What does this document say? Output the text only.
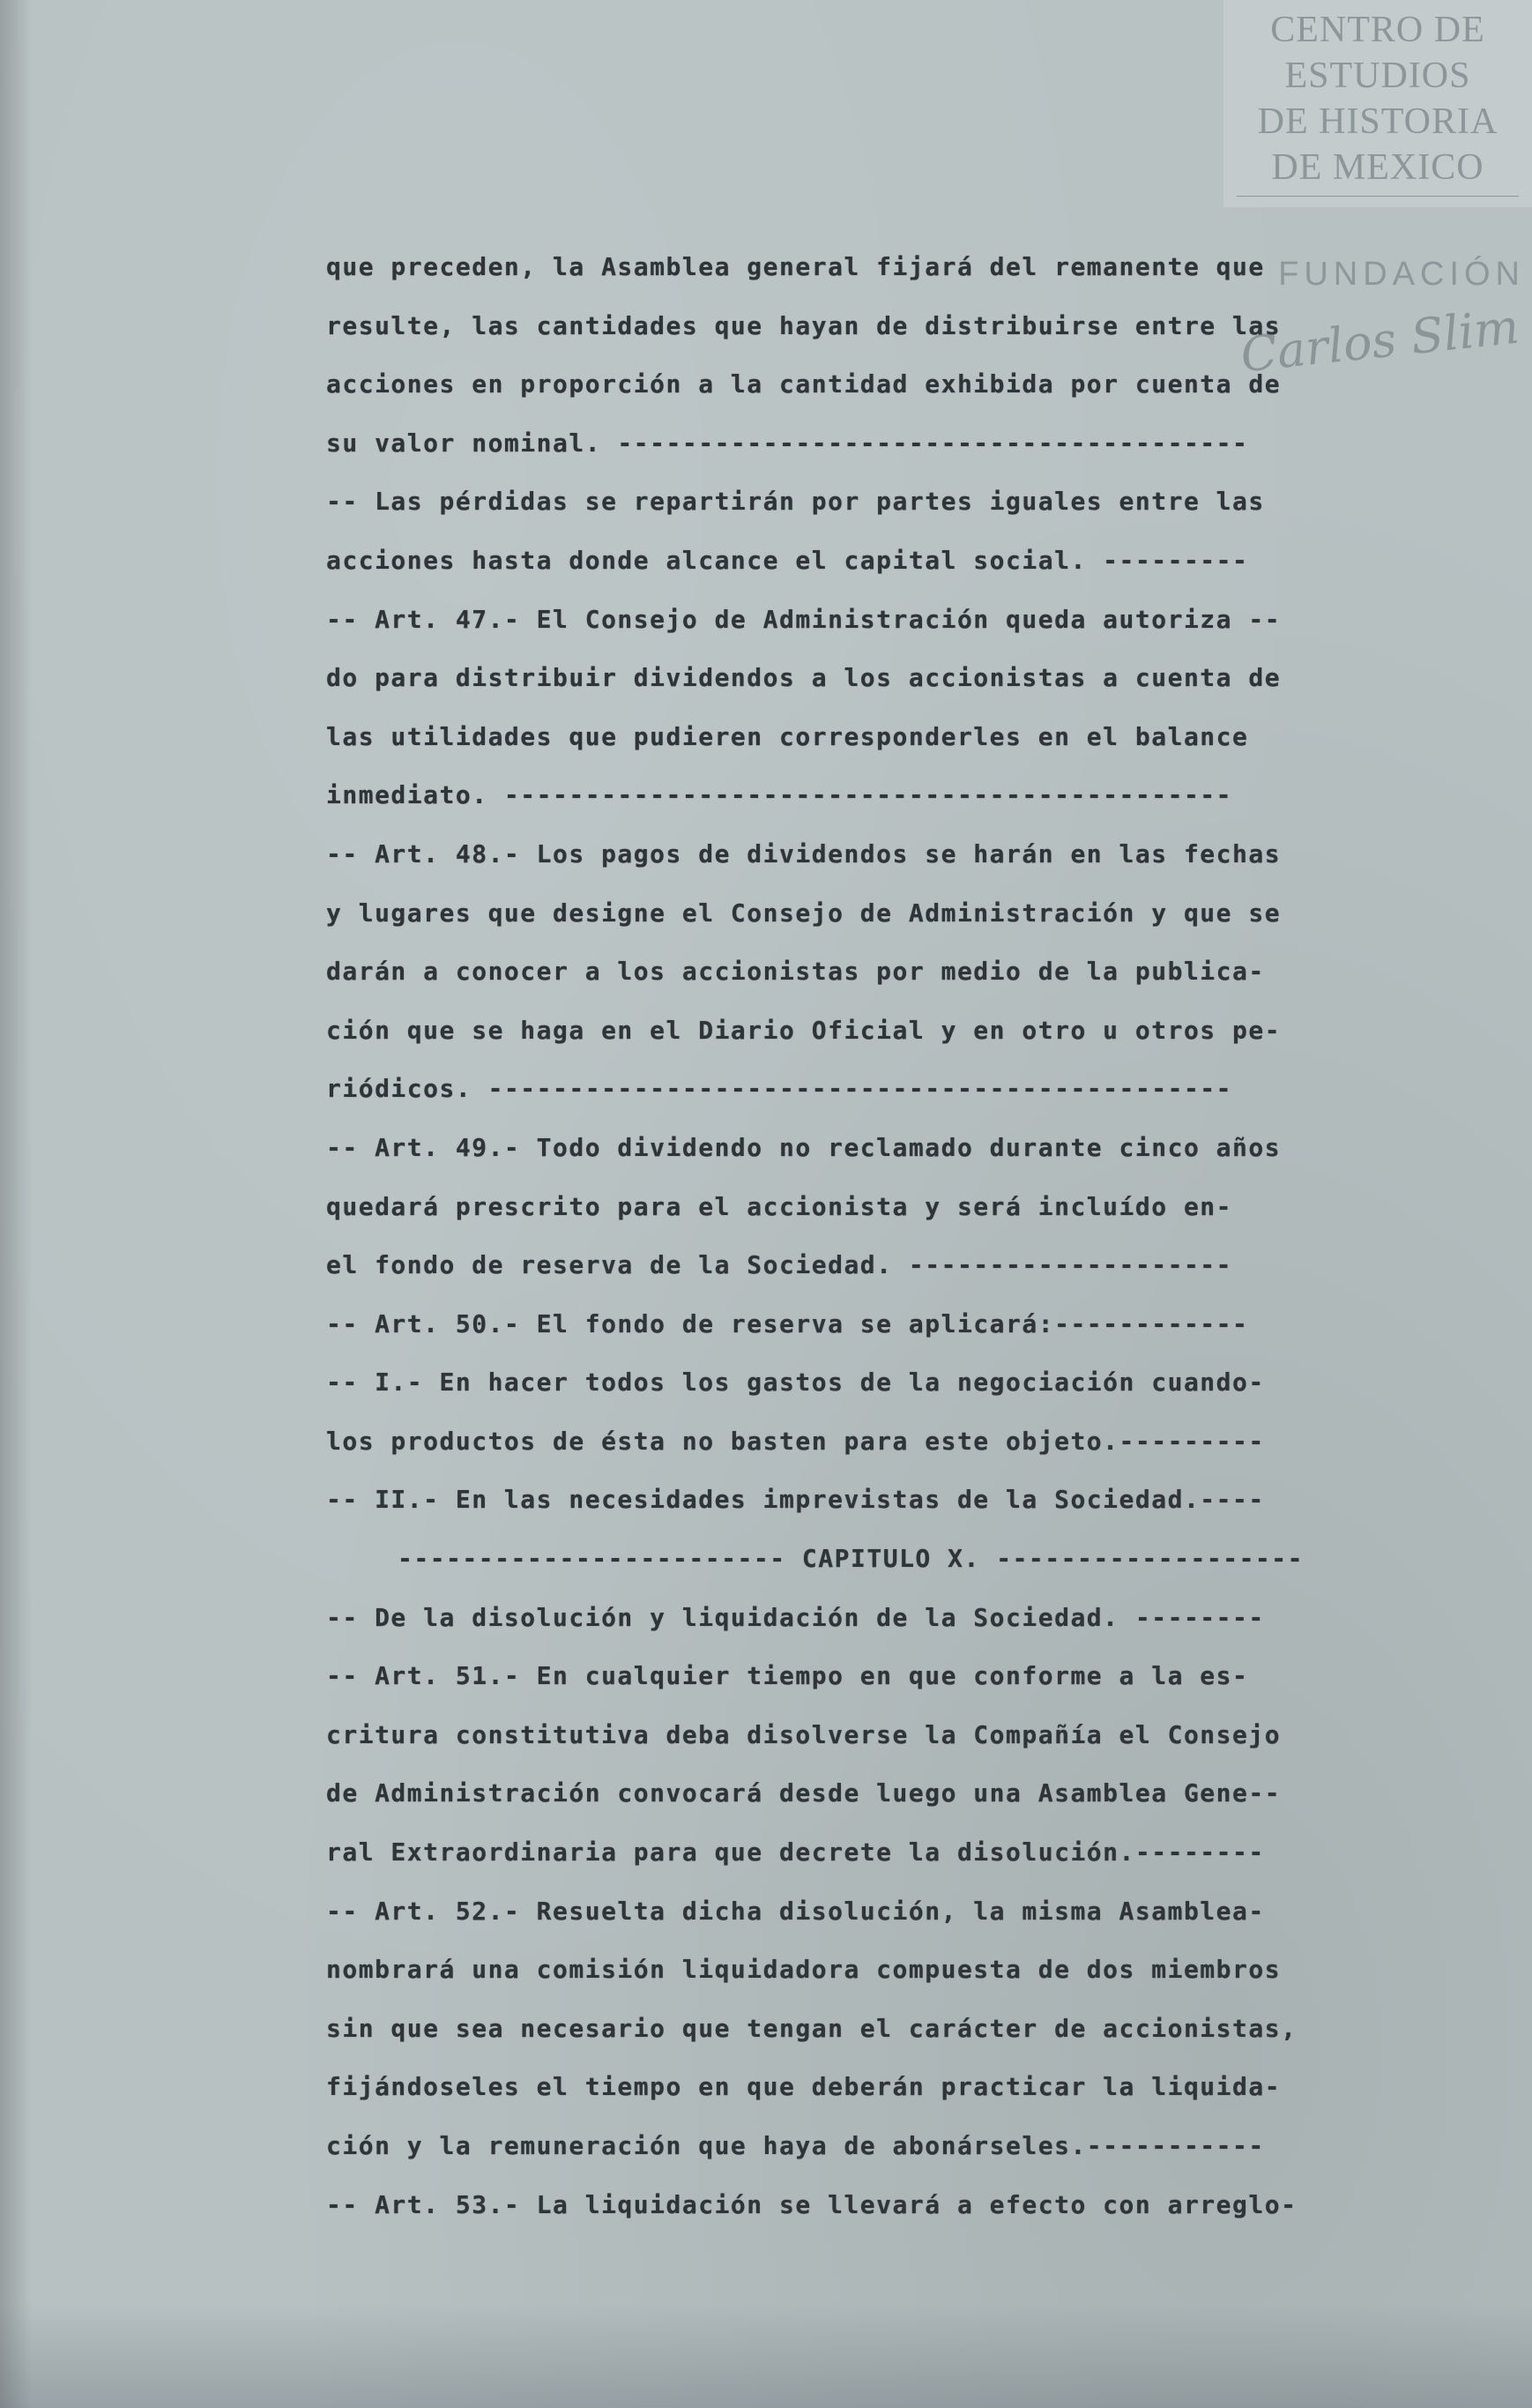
CENTRO DE
ESTUDIOS
DE HISTORIA
DE MEXICO
FUNDACIÓN
Carlos Slim
que preceden, la Asamblea general fijará del remanente que
resulte, las cantidades que hayan de distribuirse entre las
acciones en proporción a la cantidad exhibida por cuenta de
su valor nominal. ---------------------------------------
-- Las pérdidas se repartirán por partes iguales entre las
acciones hasta donde alcance el capital social. ---------
-- Art. 47.- El Consejo de Administración queda autoriza --
do para distribuir dividendos a los accionistas a cuenta de
las utilidades que pudieren corresponderles en el balance
inmediato. ---------------------------------------------
-- Art. 48.- Los pagos de dividendos se harán en las fechas
y lugares que designe el Consejo de Administración y que se
darán a conocer a los accionistas por medio de la publica-
ción que se haga en el Diario Oficial y en otro u otros pe-
riódicos. ----------------------------------------------
-- Art. 49.- Todo dividendo no reclamado durante cinco años
quedará prescrito para el accionista y será incluído en-
el fondo de reserva de la Sociedad. --------------------
-- Art. 50.- El fondo de reserva se aplicará:------------
-- I.- En hacer todos los gastos de la negociación cuando-
los productos de ésta no basten para este objeto.---------
-- II.- En las necesidades imprevistas de la Sociedad.----
------------------------ CAPITULO X. -------------------
-- De la disolución y liquidación de la Sociedad. --------
-- Art. 51.- En cualquier tiempo en que conforme a la es-
critura constitutiva deba disolverse la Compañía el Consejo
de Administración convocará desde luego una Asamblea Gene--
ral Extraordinaria para que decrete la disolución.--------
-- Art. 52.- Resuelta dicha disolución, la misma Asamblea-
nombrará una comisión liquidadora compuesta de dos miembros
sin que sea necesario que tengan el carácter de accionistas,
fijándoseles el tiempo en que deberán practicar la liquida-
ción y la remuneración que haya de abonárseles.-----------
-- Art. 53.- La liquidación se llevará a efecto con arreglo-
